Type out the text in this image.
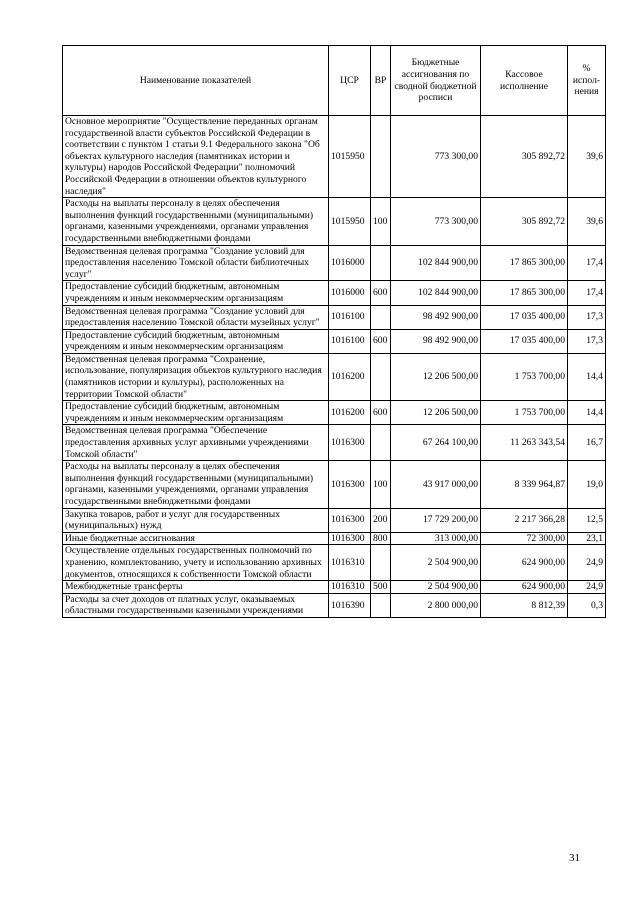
Наименование показателей	ЦСР	ВР	Бюджетные ассигнования по сводной бюджетной росписи	Кассовое исполнение	% испол-нения
Основное мероприятие "Осуществление переданных органам государственной власти субъектов Российской Федерации в соответствии с пунктом 1 статьи 9.1 Федерального закона "Об объектах культурного наследия (памятниках истории и культуры) народов Российской Федерации" полномочий Российской Федерации в отношении объектов культурного наследия"	1015950		773 300,00	305 892,72	39,6
Расходы на выплаты персоналу в целях обеспечения выполнения функций государственными (муниципальными) органами, казенными учреждениями, органами управления государственными внебюджетными фондами	1015950	100	773 300,00	305 892,72	39,6
Ведомственная целевая программа "Создание условий для предоставления населению Томской области библиотечных услуг"	1016000		102 844 900,00	17 865 300,00	17,4
Предоставление субсидий бюджетным, автономным учреждениям и иным некоммерческим организациям	1016000	600	102 844 900,00	17 865 300,00	17,4
Ведомственная целевая программа "Создание условий для предоставления населению Томской области музейных услуг"	1016100		98 492 900,00	17 035 400,00	17,3
Предоставление субсидий бюджетным, автономным учреждениям и иным некоммерческим организациям	1016100	600	98 492 900,00	17 035 400,00	17,3
Ведомственная целевая программа "Сохранение, использование, популяризация объектов культурного наследия (памятников истории и культуры), расположенных на территории Томской области"	1016200		12 206 500,00	1 753 700,00	14,4
Предоставление субсидий бюджетным, автономным учреждениям и иным некоммерческим организациям	1016200	600	12 206 500,00	1 753 700,00	14,4
Ведомственная целевая программа "Обеспечение предоставления архивных услуг архивными учреждениями Томской области"	1016300		67 264 100,00	11 263 343,54	16,7
Расходы на выплаты персоналу в целях обеспечения выполнения функций государственными (муниципальными) органами, казенными учреждениями, органами управления государственными внебюджетными фондами	1016300	100	43 917 000,00	8 339 964,87	19,0
Закупка товаров, работ и услуг для государственных (муниципальных) нужд	1016300	200	17 729 200,00	2 217 366,28	12,5
Иные бюджетные ассигнования	1016300	800	313 000,00	72 300,00	23,1
Осуществление отдельных государственных полномочий по хранению, комплектованию, учету и использованию архивных документов, относящихся к собственности Томской области	1016310		2 504 900,00	624 900,00	24,9
Межбюджетные трансферты	1016310	500	2 504 900,00	624 900,00	24,9
Расходы за счет доходов от платных услуг, оказываемых областными государственными казенными учреждениями	1016390		2 800 000,00	8 812,39	0,3
31
